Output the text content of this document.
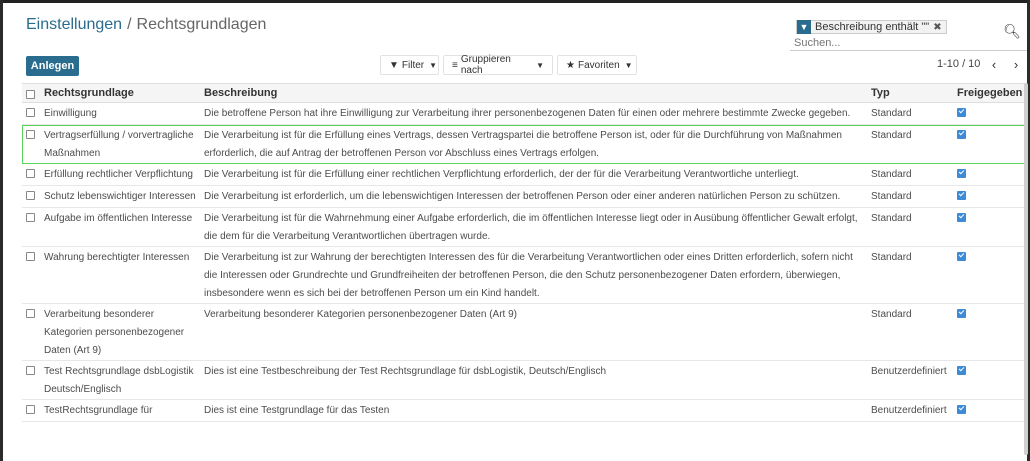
Einstellungen / Rechtsgrundlagen	▼ Beschreibung enthält "" ✖
Suchen...	🔍︎
Anlegen	▼ Filter ▼ ≡ Gruppieren nach	▼ ★ Favoriten ▼	1-10 / 10 ‹	›
	Rechtsgrundlage	Beschreibung	Typ	Freigegeben
	Einwilligung	Die betroffene Person hat ihre Einwilligung zur Verarbeitung ihrer personenbezogenen Daten für einen oder mehrere bestimmte Zwecke gegeben.	Standard	
	Vertragserfüllung / vorvertragliche Maßnahmen	Die Verarbeitung ist für die Erfüllung eines Vertrags, dessen Vertragspartei die betroffene Person ist, oder für die Durchführung von Maßnahmen erforderlich, die auf Antrag der betroffenen Person vor Abschluss eines Vertrags erfolgen.	Standard	
	Erfüllung rechtlicher Verpflichtung	Die Verarbeitung ist für die Erfüllung einer rechtlichen Verpflichtung erforderlich, der der für die Verarbeitung Verantwortliche unterliegt.	Standard	
	Schutz lebenswichtiger Interessen	Die Verarbeitung ist erforderlich, um die lebenswichtigen Interessen der betroffenen Person oder einer anderen natürlichen Person zu schützen.	Standard	
	Aufgabe im öffentlichen Interesse	Die Verarbeitung ist für die Wahrnehmung einer Aufgabe erforderlich, die im öffentlichen Interesse liegt oder in Ausübung öffentlicher Gewalt erfolgt, die dem für die Verarbeitung Verantwortlichen übertragen wurde.	Standard	
	Wahrung berechtigter Interessen	Die Verarbeitung ist zur Wahrung der berechtigten Interessen des für die Verarbeitung Verantwortlichen oder eines Dritten erforderlich, sofern nicht die Interessen oder Grundrechte und Grundfreiheiten der betroffenen Person, die den Schutz personenbezogener Daten erfordern, überwiegen, insbesondere wenn es sich bei der betroffenen Person um ein Kind handelt.	Standard	
	Verarbeitung besonderer Kategorien personenbezogener Daten (Art 9)	Verarbeitung besonderer Kategorien personenbezogener Daten (Art 9)	Standard	
	Test Rechtsgrundlage dsbLogistik Deutsch/Englisch	Dies ist eine Testbeschreibung der Test Rechtsgrundlage für dsbLogistik, Deutsch/Englisch	Benutzerdefiniert	
	TestRechtsgrundlage für	Dies ist eine Testgrundlage für das Testen	Benutzerdefiniert	
